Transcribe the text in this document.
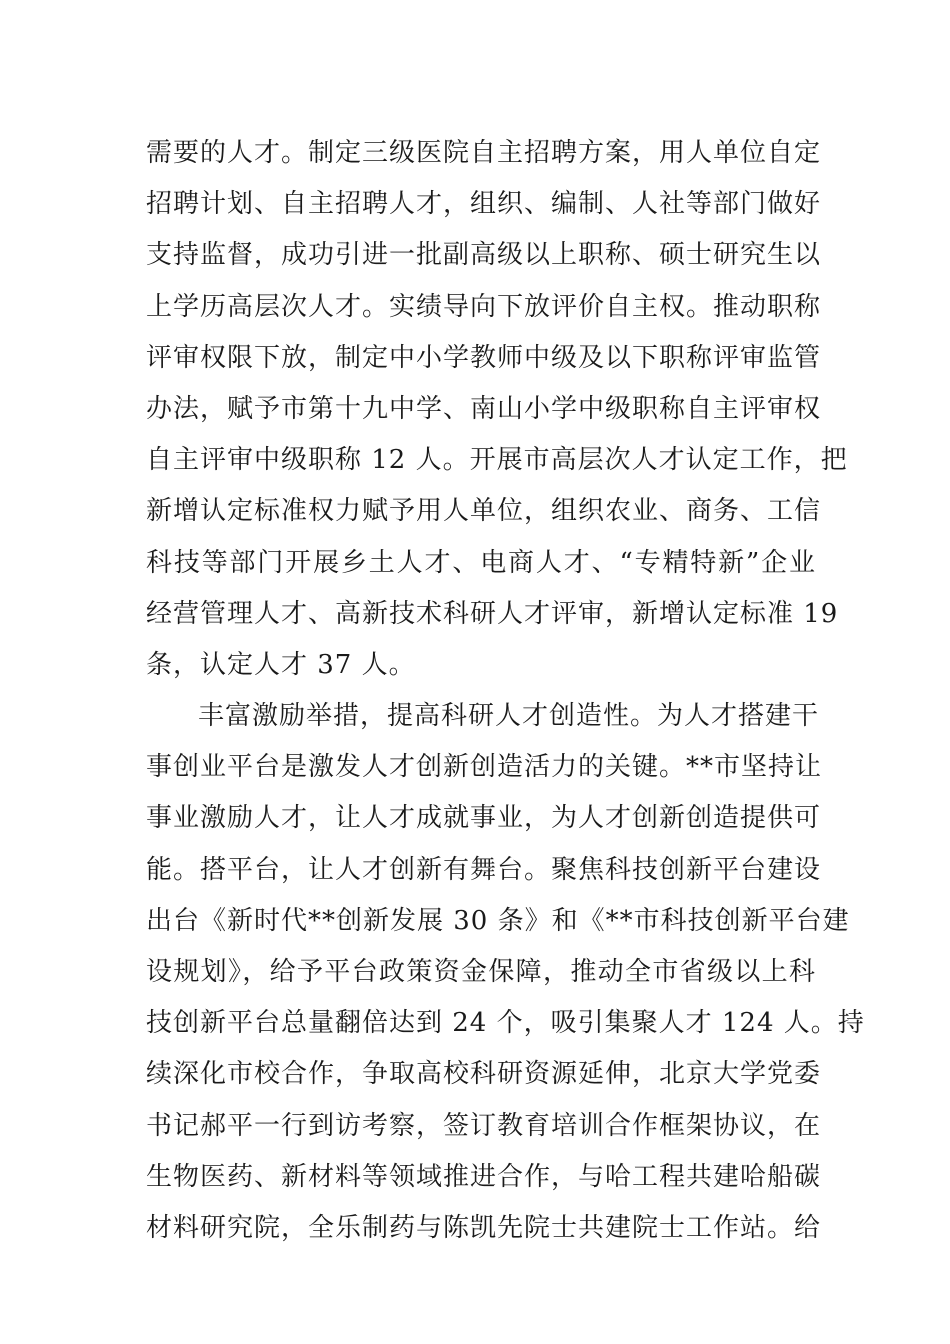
需要的人才。制定三级医院自主招聘方案，用人单位自定
招聘计划、自主招聘人才，组织、编制、人社等部门做好
支持监督，成功引进一批副高级以上职称、硕士研究生以
上学历高层次人才。实绩导向下放评价自主权。推动职称
评审权限下放，制定中小学教师中级及以下职称评审监管
办法，赋予市第十九中学、南山小学中级职称自主评审权
自主评审中级职称 12 人。开展市高层次人才认定工作，把
新增认定标准权力赋予用人单位，组织农业、商务、工信
科技等部门开展乡土人才、电商人才、“专精特新”企业
经营管理人才、高新技术科研人才评审，新增认定标准 19
条，认定人才 37 人。
丰富激励举措，提高科研人才创造性。为人才搭建干
事创业平台是激发人才创新创造活力的关键。**市坚持让
事业激励人才，让人才成就事业，为人才创新创造提供可
能。搭平台，让人才创新有舞台。聚焦科技创新平台建设
出台《新时代**创新发展 30 条》和《**市科技创新平台建
设规划》，给予平台政策资金保障，推动全市省级以上科
技创新平台总量翻倍达到 24 个，吸引集聚人才 124 人。持
续深化市校合作，争取高校科研资源延伸，北京大学党委
书记郝平一行到访考察，签订教育培训合作框架协议，在
生物医药、新材料等领域推进合作，与哈工程共建哈船碳
材料研究院，全乐制药与陈凯先院士共建院士工作站。给
